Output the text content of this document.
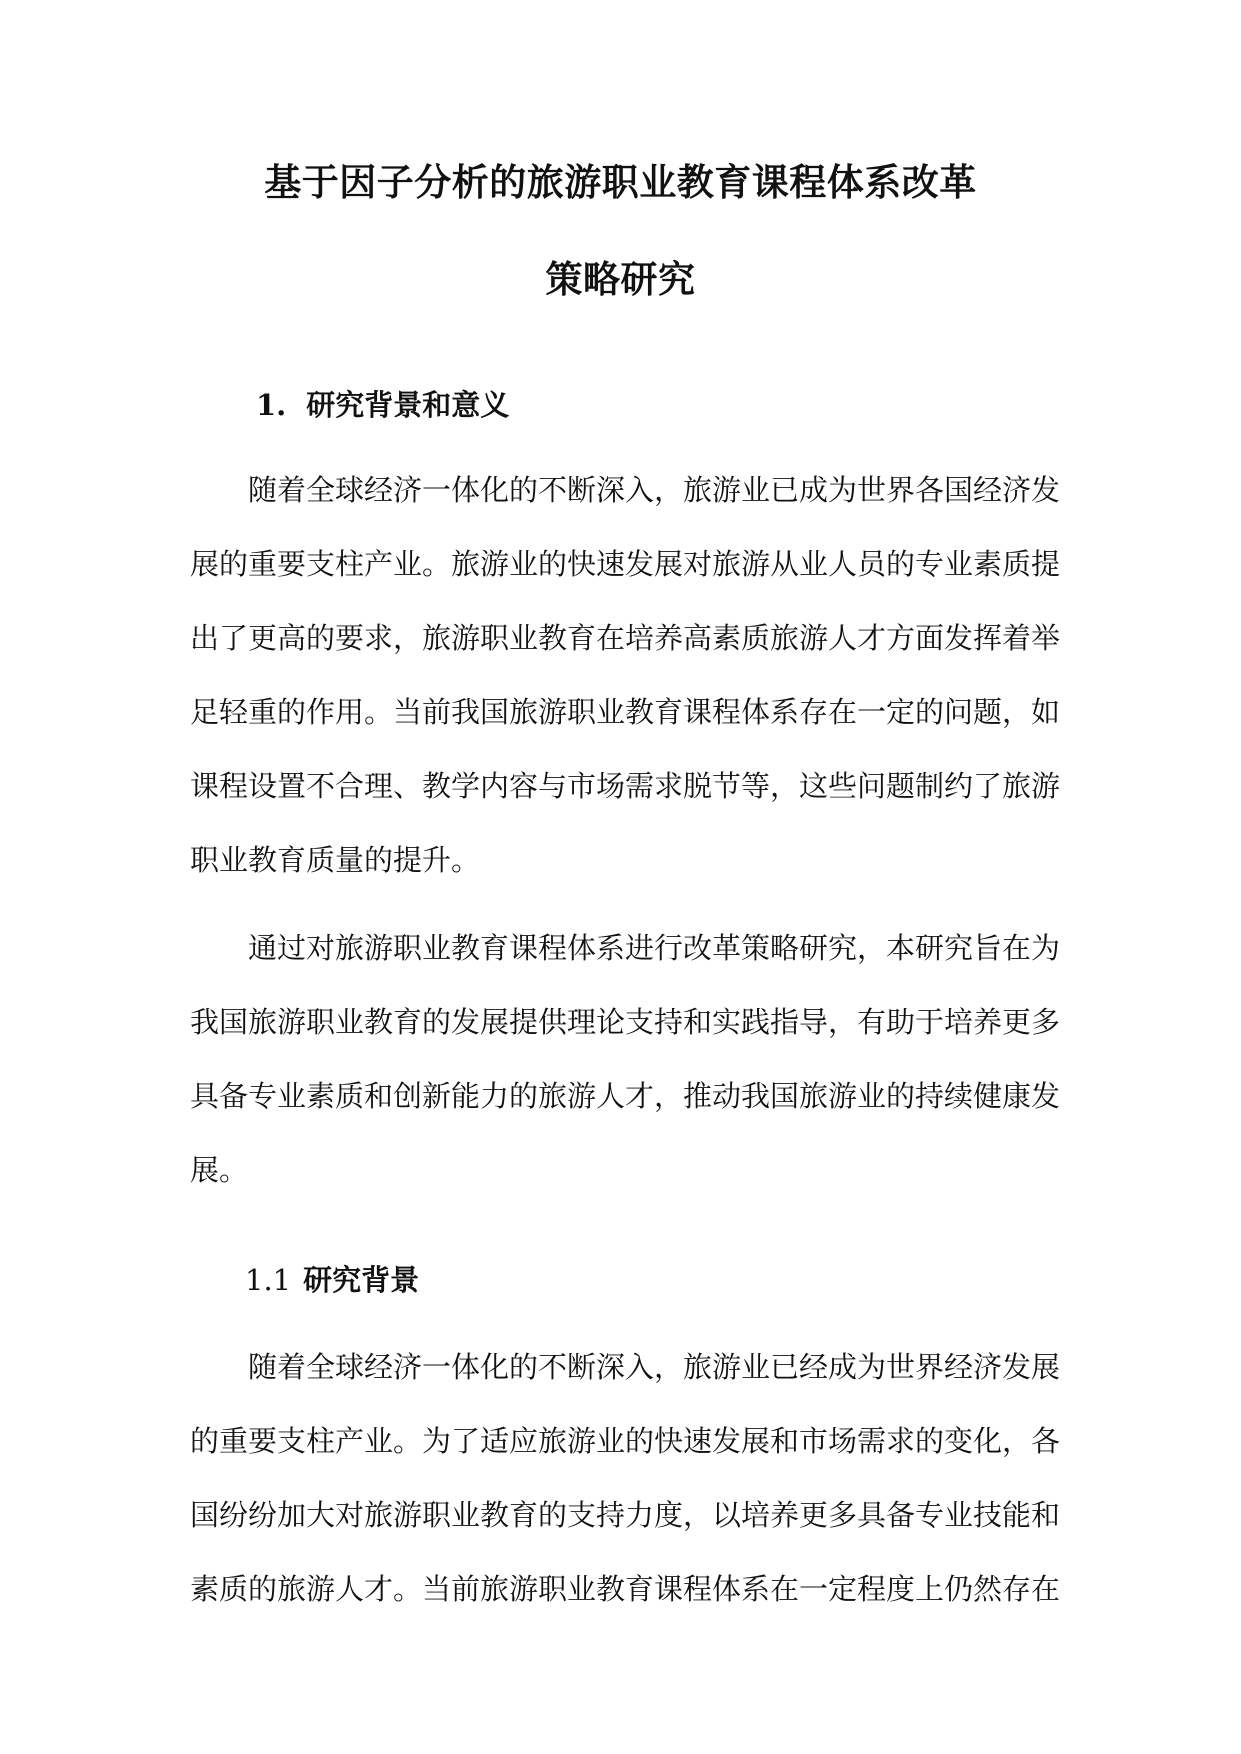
基于因子分析的旅游职业教育课程体系改革
策略研究
1. 研究背景和意义

随着全球经济一体化的不断深入，旅游业已成为世界各国经济发展的重要支柱产业。旅游业的快速发展对旅游从业人员的专业素质提出了更高的要求，旅游职业教育在培养高素质旅游人才方面发挥着举足轻重的作用。当前我国旅游职业教育课程体系存在一定的问题，如课程设置不合理、教学内容与市场需求脱节等，这些问题制约了旅游职业教育质量的提升。

通过对旅游职业教育课程体系进行改革策略研究，本研究旨在为我国旅游职业教育的发展提供理论支持和实践指导，有助于培养更多具备专业素质和创新能力的旅游人才，推动我国旅游业的持续健康发展。

1.1 研究背景

随着全球经济一体化的不断深入，旅游业已经成为世界经济发展的重要支柱产业。为了适应旅游业的快速发展和市场需求的变化，各国纷纷加大对旅游职业教育的支持力度，以培养更多具备专业技能和素质的旅游人才。当前旅游职业教育课程体系在一定程度上仍然存在
